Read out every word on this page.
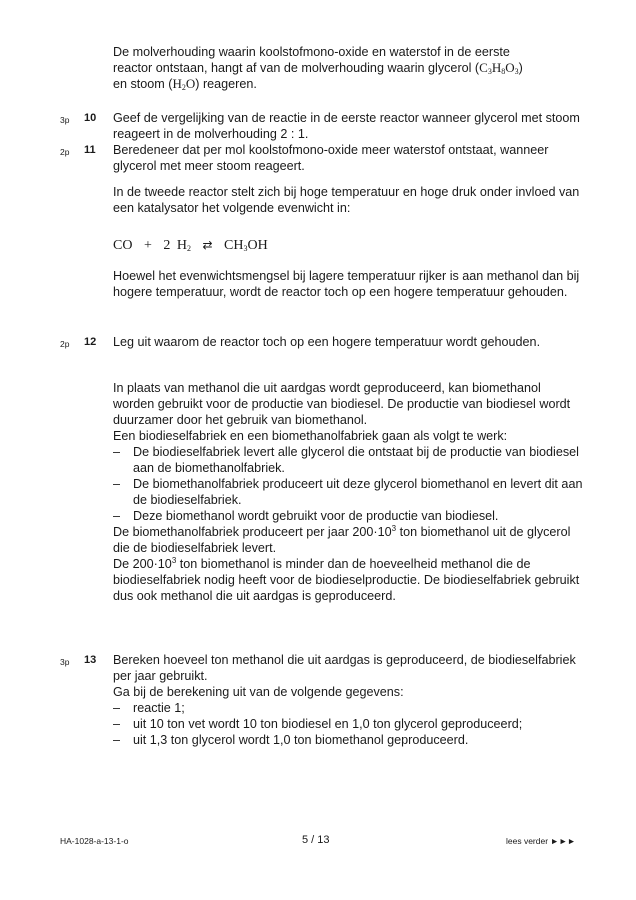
De molverhouding waarin koolstofmono-oxide en waterstof in de eerste

reactor ontstaan, hangt af van de molverhouding waarin glycerol $(C_3H_8O_3)$

en stoom $(H_2O)$ reageren.

3p 10 Geef de vergelijking van de reactie in de eerste reactor wanneer glycerol met stoom reageert in de molverhouding 2 : 1.
2p 11 Beredeneer dat per mol koolstofmono-oxide meer waterstof ontstaat, wanneer glycerol met meer stoom reageert.

In de tweede reactor stelt zich bij hoge temperatuur en hoge druk onder invloed van een katalysator het volgende evenwicht in:

CO + 2 $H_2$ ⇄ $CH_3OH$

Hoewel het evenwichtsmengsel bij lagere temperatuur rijker is aan methanol dan bij hogere temperatuur, wordt de reactor toch op een hogere temperatuur gehouden.

2p 12 Leg uit waarom de reactor toch op een hogere temperatuur wordt gehouden.

In plaats van methanol die uit aardgas wordt geproduceerd, kan biomethanol worden gebruikt voor de productie van biodiesel. De productie van biodiesel wordt duurzamer door het gebruik van biomethanol.

Een biodieselfabriek en een biomethanolfabriek gaan als volgt te werk:

– De biodieselfabriek levert alle glycerol die ontstaat bij de productie van biodiesel aan de biomethanolfabriek.
– De biomethanolfabriek produceert uit deze glycerol biomethanol en levert dit aan de biodieselfabriek.
– Deze biomethanol wordt gebruikt voor de productie van biodiesel.

De biomethanolfabriek produceert per jaar $200\cdot 10^3$ ton biomethanol uit de glycerol die de biodieselfabriek levert.

De $200\cdot 10^3$ ton biomethanol is minder dan de hoeveelheid methanol die de biodieselfabriek nodig heeft voor de biodieselproductie. De biodieselfabriek gebruikt dus ook methanol die uit aardgas is geproduceerd.

3p 13 Bereken hoeveel ton methanol die uit aardgas is geproduceerd, de biodieselfabriek per jaar gebruikt.
Ga bij de berekening uit van de volgende gegevens:
– reactie 1;
– uit 10 ton vet wordt 10 ton biodiesel en 1,0 ton glycerol geproduceerd;
– uit 1,3 ton glycerol wordt 1,0 ton biomethanol geproduceerd.
HA-1028-a-13-1-o	5 / 13	lees verder ►►►
